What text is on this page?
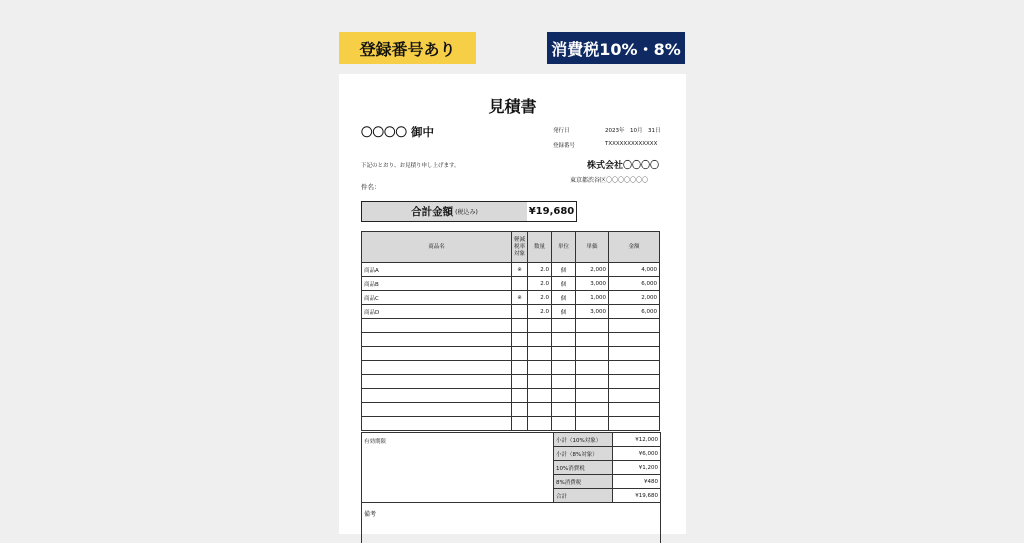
登録番号あり	消費税10%・8%
見積書
〇〇〇〇 御中	発行日	2023年　10月　31日
登録番号	TXXXXXXXXXXXXX
下記のとおり、お見積り申し上げます。	株式会社〇〇〇〇
東京都渋谷区〇〇〇〇〇〇〇
件名：
合計金額 (税込み)	¥19,680
商品名	軽減税率対象	数量	単位	単価	金額
商品A	※	2.0	個	2,000	4,000
商品B		2.0	個	3,000	6,000
商品C	※	2.0	個	1,000	2,000
商品D		2.0	個	3,000	6,000

有効期限	小計（10%対象）	¥12,000
小計（8%対象）	¥6,000
10%消費税	¥1,200
8%消費税	¥480
合計	¥19,680
備考
